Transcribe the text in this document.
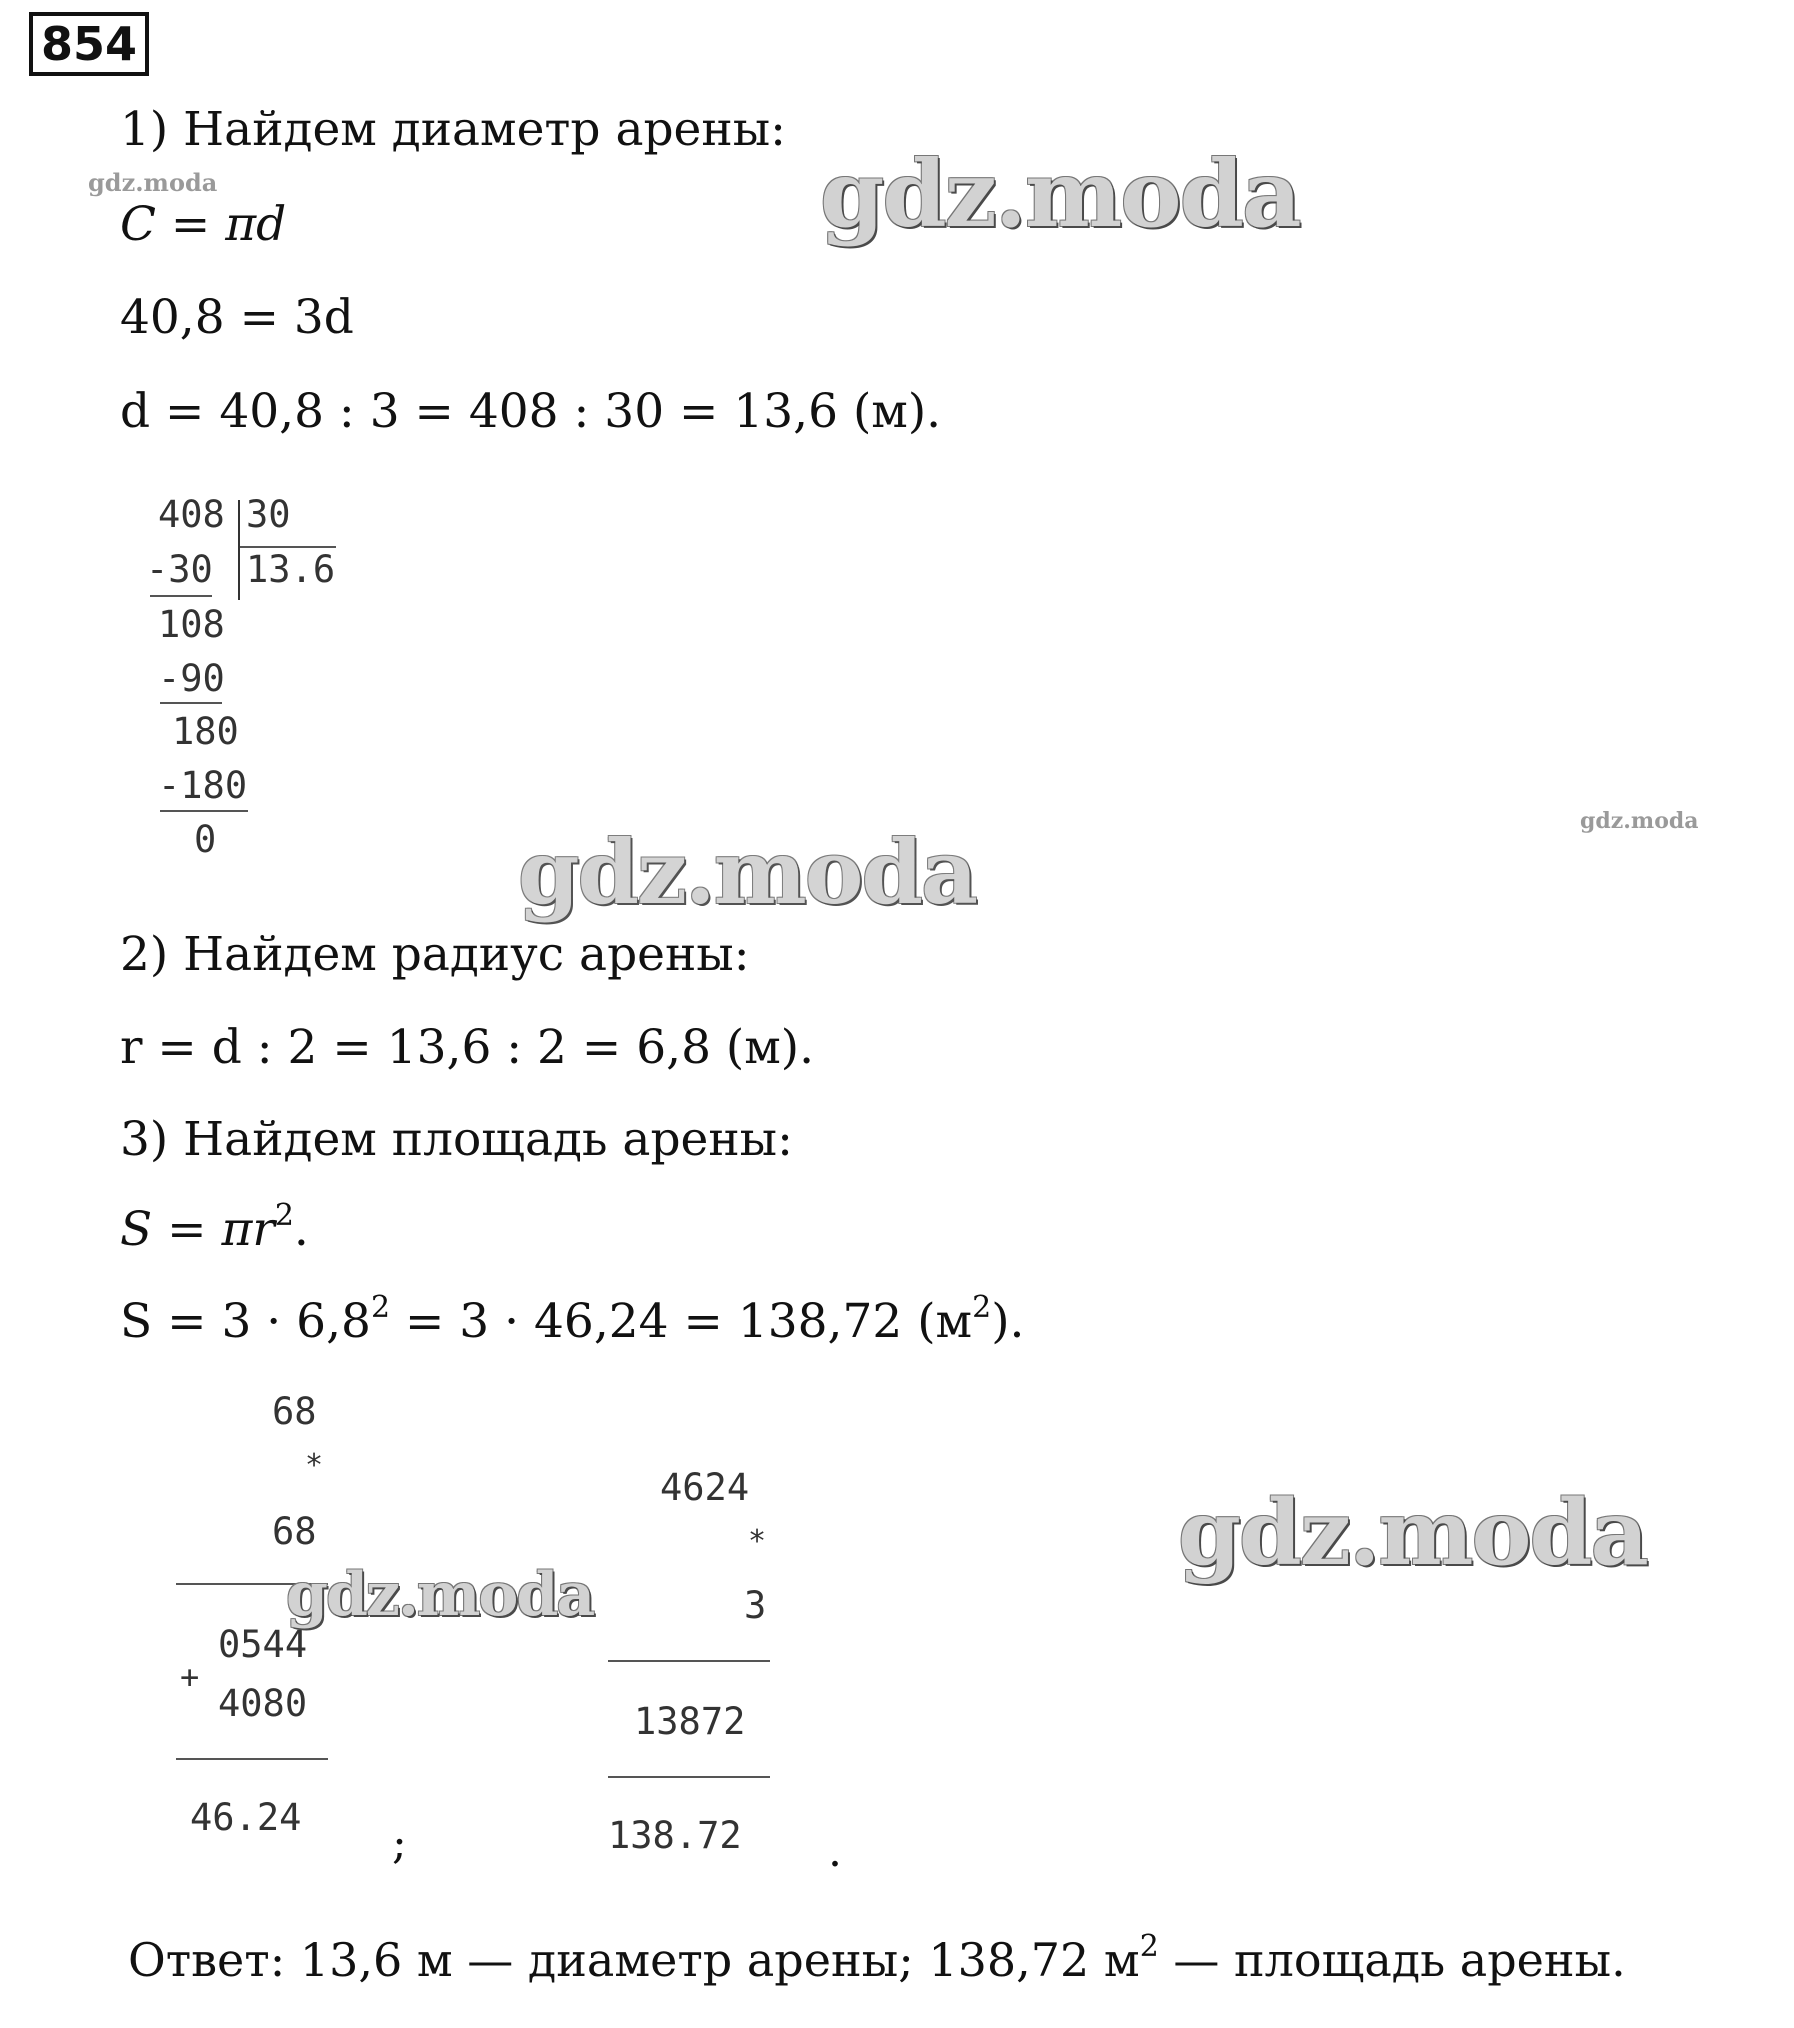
854
1) Найдем диаметр арены:
C = πd
40,8 = 3d
d = 40,8 : 3 = 408 : 30 = 13,6 (м).
408 30
13.6
-30
108
-90
180
-180
0
2) Найдем радиус арены:
r = d : 2 = 13,6 : 2 = 6,8 (м).
3) Найдем площадь арены:
$S = \pi r^2$.
$S = 3 \cdot 6,8^2 = 3 \cdot 46,24 = 138,72$ $(м^2)$.
68
*
68
0544
+
4080
46.24
;
4624
*
3
13872
138.72 .
Ответ: 13,6 м — диаметр арены; 138,72 $м^2$ — площадь арены.
gdz.moda	gdz.moda
gdz.moda
gdz.moda
gdz.moda
gdz.moda
